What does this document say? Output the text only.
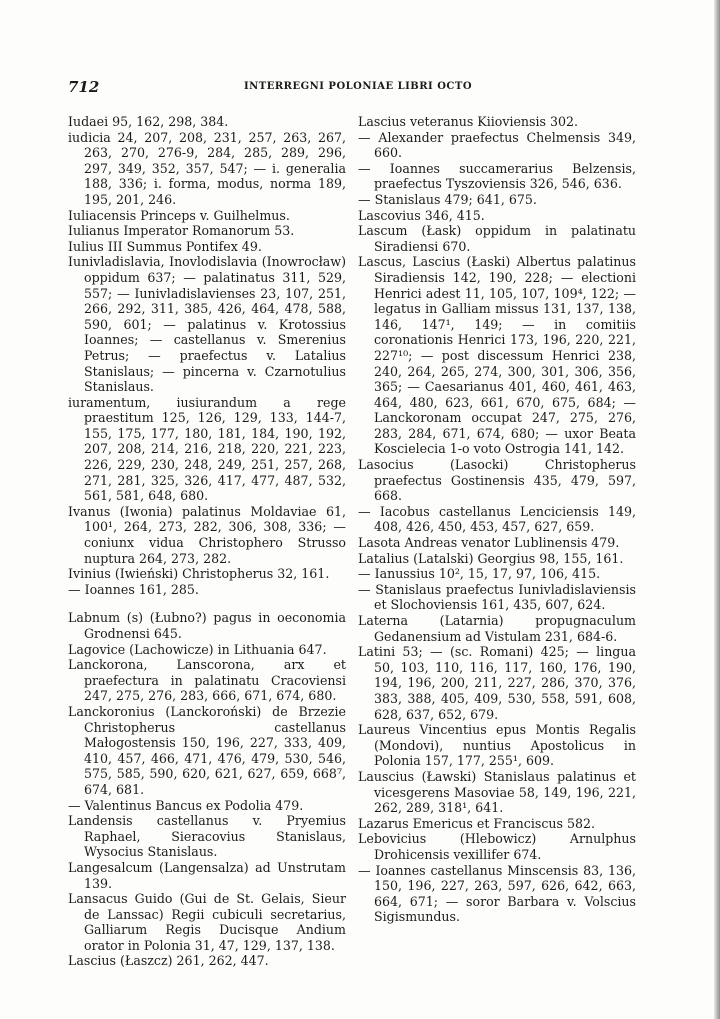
712	INTERREGNI POLONIAE LIBRI OCTO

Iudaei 95, 162, 298, 384.

iudicia 24, 207, 208, 231, 257, 263, 267, 263, 270, 276-9, 284, 285, 289, 296, 297, 349, 352, 357, 547; — i. generalia 188, 336; i. forma, modus, norma 189, 195, 201, 246.

Iuliacensis Princeps v. Guilhelmus.

Iulianus Imperator Romanorum 53.

Iulius III Summus Pontifex 49.

Iunivladislavia, Inovlodislavia (Inowrocław) oppidum 637; — palatinatus 311, 529, 557; — Iunivladislavienses 23, 107, 251, 266, 292, 311, 385, 426, 464, 478, 588, 590, 601; — palatinus v. Krotossius Ioannes; — castellanus v. Smerenius Petrus; — praefectus v. Latalius Stanislaus; — pincerna v. Czarnotulius Stanislaus.

iuramentum, iusiurandum a rege praestitum 125, 126, 129, 133, 144-7, 155, 175, 177, 180, 181, 184, 190, 192, 207, 208, 214, 216, 218, 220, 221, 223, 226, 229, 230, 248, 249, 251, 257, 268, 271, 281, 325, 326, 417, 477, 487, 532, 561, 581, 648, 680.

Ivanus (Iwonia) palatinus Moldaviae 61, 100¹, 264, 273, 282, 306, 308, 336; — coniunx vidua Christophero Strusso nuptura 264, 273, 282.

Ivinius (Iwieński) Christopherus 32, 161.

— Ioannes 161, 285.

Labnum (s) (Łubno?) pagus in oeconomia Grodnensi 645.

Lagovice (Lachowicze) in Lithuania 647.

Lanckorona, Lanscorona, arx et praefectura in palatinatu Cracoviensi 247, 275, 276, 283, 666, 671, 674, 680.

Lanckoronius (Lanckoroński) de Brzezie Christopherus castellanus Małogostensis 150, 196, 227, 333, 409, 410, 457, 466, 471, 476, 479, 530, 546, 575, 585, 590, 620, 621, 627, 659, 668⁷, 674, 681.

— Valentinus Bancus ex Podolia 479.

Landensis castellanus v. Pryemius Raphael, Sieracovius Stanislaus, Wysocius Stanislaus.

Langesalcum (Langensalza) ad Unstrutam 139.

Lansacus Guido (Gui de St. Gelais, Sieur de Lanssac) Regii cubiculi secretarius, Galliarum Regis Ducisque Andium orator in Polonia 31, 47, 129, 137, 138.

Lascius (Łaszcz) 261, 262, 447.

Lascius veteranus Kiioviensis 302.

— Alexander praefectus Chelmensis 349, 660.

— Ioannes succamerarius Belzensis, praefectus Tyszoviensis 326, 546, 636.

— Stanislaus 479; 641, 675.

Lascovius 346, 415.

Lascum (Łask) oppidum in palatinatu Siradiensi 670.

Lascus, Lascius (Łaski) Albertus palatinus Siradiensis 142, 190, 228; — electioni Henrici adest 11, 105, 107, 109⁴, 122; — legatus in Galliam missus 131, 137, 138, 146, 147¹, 149; — in comitiis coronationis Henrici 173, 196, 220, 221, 227¹⁰; — post discessum Henrici 238, 240, 264, 265, 274, 300, 301, 306, 356, 365; — Caesarianus 401, 460, 461, 463, 464, 480, 623, 661, 670, 675, 684; — Lanckoronam occupat 247, 275, 276, 283, 284, 671, 674, 680; — uxor Beata Koscielecia 1-o voto Ostrogia 141, 142.

Lasocius (Lasocki) Christopherus praefectus Gostinensis 435, 479, 597, 668.

— Iacobus castellanus Lenciciensis 149, 408, 426, 450, 453, 457, 627, 659.

Lasota Andreas venator Lublinensis 479.

Latalius (Latalski) Georgius 98, 155, 161.

— Ianussius 10², 15, 17, 97, 106, 415.

— Stanislaus praefectus Iunivladislaviensis et Slochoviensis 161, 435, 607, 624.

Laterna (Latarnia) propugnaculum Gedanensium ad Vistulam 231, 684-6.

Latini 53; — (sc. Romani) 425; — lingua 50, 103, 110, 116, 117, 160, 176, 190, 194, 196, 200, 211, 227, 286, 370, 376, 383, 388, 405, 409, 530, 558, 591, 608, 628, 637, 652, 679.

Laureus Vincentius epus Montis Regalis (Mondovi), nuntius Apostolicus in Polonia 157, 177, 255¹, 609.

Lauscius (Ławski) Stanislaus palatinus et vicesgerens Masoviae 58, 149, 196, 221, 262, 289, 318¹, 641.

Lazarus Emericus et Franciscus 582.

Lebovicius (Hlebowicz) Arnulphus Drohicensis vexillifer 674.

— Ioannes castellanus Minscensis 83, 136, 150, 196, 227, 263, 597, 626, 642, 663, 664, 671; — soror Barbara v. Volscius Sigismundus.
